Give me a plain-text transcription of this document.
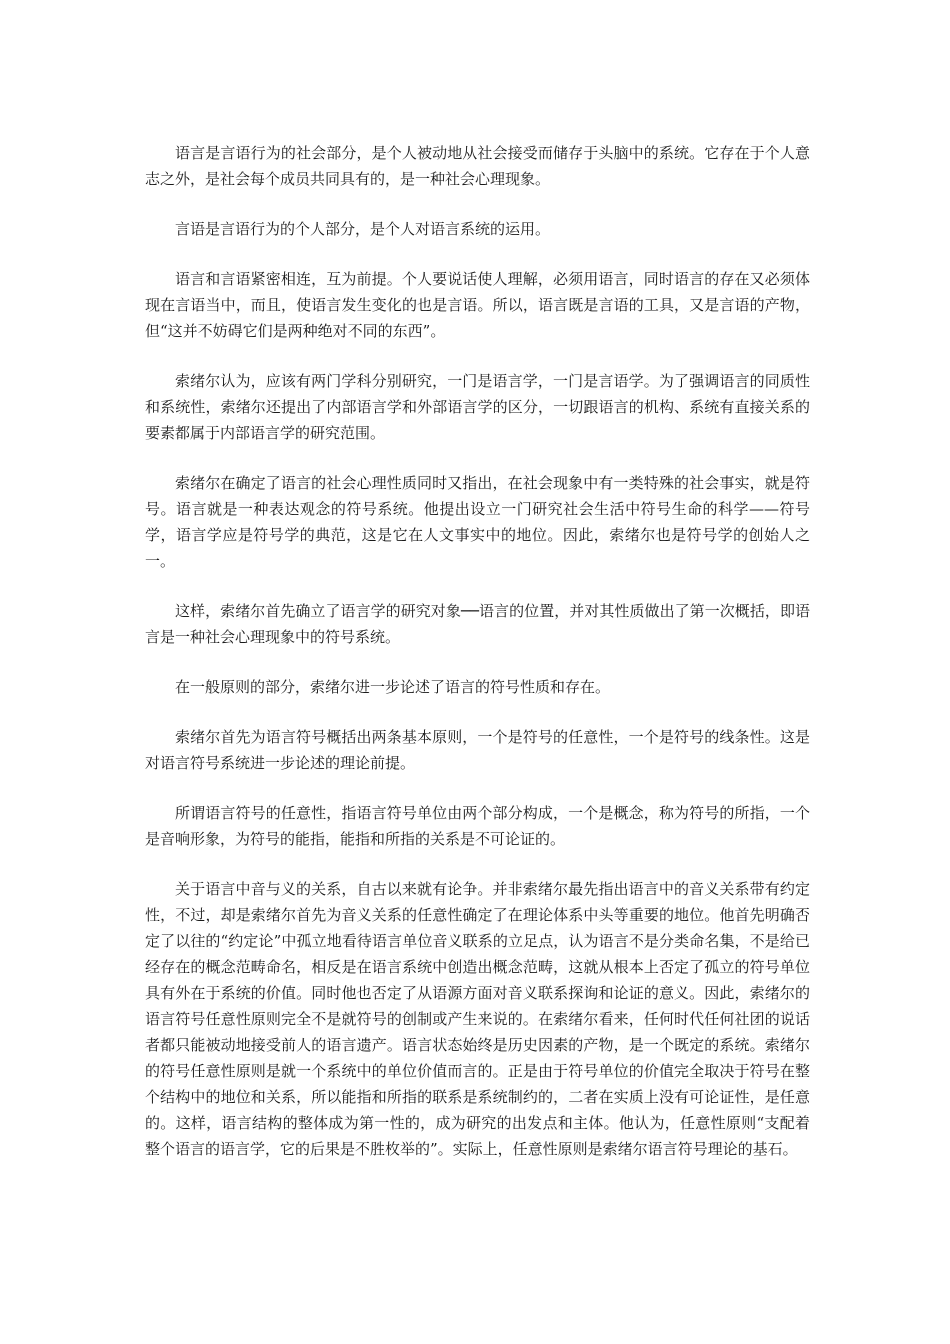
语言是言语行为的社会部分，是个人被动地从社会接受而储存于头脑中的系统。它存在于个人意志之外，是社会每个成员共同具有的，是一种社会心理现象。

言语是言语行为的个人部分，是个人对语言系统的运用。

语言和言语紧密相连，互为前提。个人要说话使人理解，必须用语言，同时语言的存在又必须体现在言语当中，而且，使语言发生变化的也是言语。所以，语言既是言语的工具，又是言语的产物，但“这并不妨碍它们是两种绝对不同的东西”。

索绪尔认为，应该有两门学科分别研究，一门是语言学，一门是言语学。为了强调语言的同质性和系统性，索绪尔还提出了内部语言学和外部语言学的区分，一切跟语言的机构、系统有直接关系的要素都属于内部语言学的研究范围。

索绪尔在确定了语言的社会心理性质同时又指出，在社会现象中有一类特殊的社会事实，就是符号。语言就是一种表达观念的符号系统。他提出设立一门研究社会生活中符号生命的科学——符号学，语言学应是符号学的典范，这是它在人文事实中的地位。因此，索绪尔也是符号学的创始人之一。

这样，索绪尔首先确立了语言学的研究对象──语言的位置，并对其性质做出了第一次概括，即语言是一种社会心理现象中的符号系统。

在一般原则的部分，索绪尔进一步论述了语言的符号性质和存在。

索绪尔首先为语言符号概括出两条基本原则，一个是符号的任意性，一个是符号的线条性。这是对语言符号系统进一步论述的理论前提。

所谓语言符号的任意性，指语言符号单位由两个部分构成，一个是概念，称为符号的所指，一个是音响形象，为符号的能指，能指和所指的关系是不可论证的。

关于语言中音与义的关系，自古以来就有论争。并非索绪尔最先指出语言中的音义关系带有约定性，不过，却是索绪尔首先为音义关系的任意性确定了在理论体系中头等重要的地位。他首先明确否定了以往的“约定论”中孤立地看待语言单位音义联系的立足点，认为语言不是分类命名集，不是给已经存在的概念范畴命名，相反是在语言系统中创造出概念范畴，这就从根本上否定了孤立的符号单位具有外在于系统的价值。同时他也否定了从语源方面对音义联系探询和论证的意义。因此，索绪尔的语言符号任意性原则完全不是就符号的创制或产生来说的。在索绪尔看来，任何时代任何社团的说话者都只能被动地接受前人的语言遗产。语言状态始终是历史因素的产物，是一个既定的系统。索绪尔的符号任意性原则是就一个系统中的单位价值而言的。正是由于符号单位的价值完全取决于符号在整个结构中的地位和关系，所以能指和所指的联系是系统制约的，二者在实质上没有可论证性，是任意的。这样，语言结构的整体成为第一性的，成为研究的出发点和主体。他认为，任意性原则“支配着整个语言的语言学，它的后果是不胜枚举的”。实际上，任意性原则是索绪尔语言符号理论的基石。
